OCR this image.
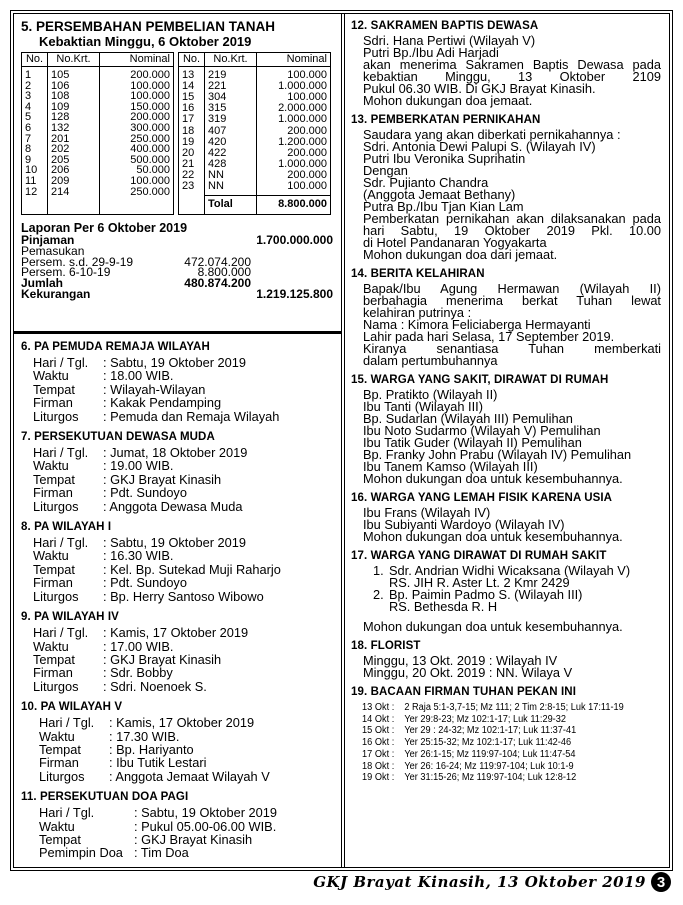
5. PERSEMBAHAN PEMBELIAN TANAH
Kebaktian Minggu, 6 Oktober 2019
No.	No.Krt.	Nominal
1	105	200.000
2	106	100.000
3	108	100.000
4	109	150.000
5	128	200.000
6	132	300.000
7	201	250.000
8	202	400.000
9	205	500.000
10	206	50.000
11	209	100.000
12	214	250.000

No.	No.Krt.	Nominal
13	219	100.000
14	221	1.000.000
15	304	100.000
16	315	2.000.000
17	319	1.000.000
18	407	200.000
19	420	1.200.000
20	422	200.000
21	428	1.000.000
22	NN	200.000
23	NN	100.000
	Tolal	8.800.000
Laporan Per 6 Oktober 2019
Pinjaman	1.700.000.000
Pemasukan
Persem. s.d. 29-9-19	472.074.200
Persem. 6-10-19	8.800.000
Jumlah	480.874.200
Kekurangan	1.219.125.800
6. PA PEMUDA REMAJA WILAYAH
Hari / Tgl.	: Sabtu, 19 Oktober 2019
Waktu	: 18.00 WIB.
Tempat	: Wilayah-Wilayan
Firman	: Kakak Pendamping
Liturgos	: Pemuda dan Remaja Wilayah
7. PERSEKUTUAN DEWASA MUDA
Hari / Tgl.	: Jumat, 18 Oktober 2019
Waktu	: 19.00 WIB.
Tempat	: GKJ Brayat Kinasih
Firman	: Pdt. Sundoyo
Liturgos	: Anggota Dewasa Muda
8. PA WILAYAH I
Hari / Tgl.	: Sabtu, 19 Oktober 2019
Waktu	: 16.30 WIB.
Tempat	: Kel. Bp. Sutekad Muji Raharjo
Firman	: Pdt. Sundoyo
Liturgos	: Bp. Herry Santoso Wibowo
9. PA WILAYAH IV
Hari / Tgl.	: Kamis, 17 Oktober 2019
Waktu	: 17.00 WIB.
Tempat	: GKJ Brayat Kinasih
Firman	: Sdr. Bobby
Liturgos	: Sdri. Noenoek S.
10. PA WILAYAH V
Hari / Tgl.	: Kamis, 17 Oktober 2019
Waktu	: 17.30 WIB.
Tempat	: Bp. Hariyanto
Firman	: Ibu Tutik Lestari
Liturgos	: Anggota Jemaat Wilayah V
11. PERSEKUTUAN DOA PAGI
Hari / Tgl.	: Sabtu, 19 Oktober 2019
Waktu	: Pukul 05.00-06.00 WIB.
Tempat	: GKJ Brayat Kinasih
Pemimpin Doa : Tim Doa
12. SAKRAMEN BAPTIS DEWASA

Sdri. Hana Pertiwi (Wilayah V)

Putri Bp./Ibu Adi Harjadi

akan menerima Sakramen Baptis Dewasa pada kebaktian Minggu, 13 Oktober 2109

Pukul 06.30 WIB. Di GKJ Brayat Kinasih.

Mohon dukungan doa jemaat.

13. PEMBERKATAN PERNIKAHAN

Saudara yang akan diberkati pernikahannya :

Sdri. Antonia Dewi Palupi S. (Wilayah IV)

Putri Ibu Veronika Suprihatin

Dengan

Sdr. Pujianto Chandra

(Anggota Jemaat Bethany)

Putra Bp./Ibu Tjan Kian Lam

Pemberkatan pernikahan akan dilaksanakan pada hari Sabtu, 19 Oktober 2019 Pkl. 10.00

di Hotel Pandanaran Yogyakarta

Mohon dukungan doa dari jemaat.

14. BERITA KELAHIRAN

Bapak/Ibu Agung Hermawan (Wilayah II) berbahagia menerima berkat Tuhan lewat

kelahiran putrinya :

Nama : Kimora Feliciaberga Hermayanti

Lahir pada hari Selasa, 17 September 2019.

Kiranya senantiasa Tuhan memberkati

dalam pertumbuhannya

15. WARGA YANG SAKIT, DIRAWAT DI RUMAH

Bp. Pratikto (Wilayah II)

Ibu Tanti (Wilayah III)

Bp. Sudarlan (Wilayah III) Pemulihan

Ibu Noto Sudarmo (Wilayah V) Pemulihan

Ibu Tatik Guder (Wilayah II) Pemulihan

Bp. Franky John Prabu (Wilayah IV) Pemulihan

Ibu Tanem Kamso (Wilayah III)

Mohon dukungan doa untuk kesembuhannya.

16. WARGA YANG LEMAH FISIK KARENA USIA

Ibu Frans (Wilayah IV)

Ibu Subiyanti Wardoyo (Wilayah IV)

Mohon dukungan doa untuk kesembuhannya.

17. WARGA YANG DIRAWAT DI RUMAH SAKIT
1. Sdr. Andrian Widhi Wicaksana (Wilayah V)
RS. JIH R. Aster Lt. 2 Kmr 2429
2. Bp. Paimin Padmo S. (Wilayah III)
RS. Bethesda R. H

Mohon dukungan doa untuk kesembuhannya.

18. FLORIST

Minggu, 13 Okt. 2019 : Wilayah IV

Minggu, 20 Okt. 2019 : NN. Wilaya V

19. BACAAN FIRMAN TUHAN PEKAN INI
13 Okt :	2 Raja 5:1-3,7-15; Mz 111; 2 Tim 2:8-15; Luk 17:11-19
14 Okt :	Yer 29:8-23; Mz 102:1-17; Luk 11:29-32
15 Okt :	Yer 29 : 24-32; Mz 102:1-17; Luk 11:37-41
16 Okt :	Yer 25:15-32; Mz 102:1-17; Luk 11:42-46
17 Okt :	Yer 26:1-15; Mz 119:97-104; Luk 11:47-54
18 Okt :	Yer 26: 16-24; Mz 119:97-104; Luk 10:1-9
19 Okt :	Yer 31:15-26; Mz 119:97-104; Luk 12:8-12
GKJ Brayat Kinasih, 13 Oktober 2019 3
